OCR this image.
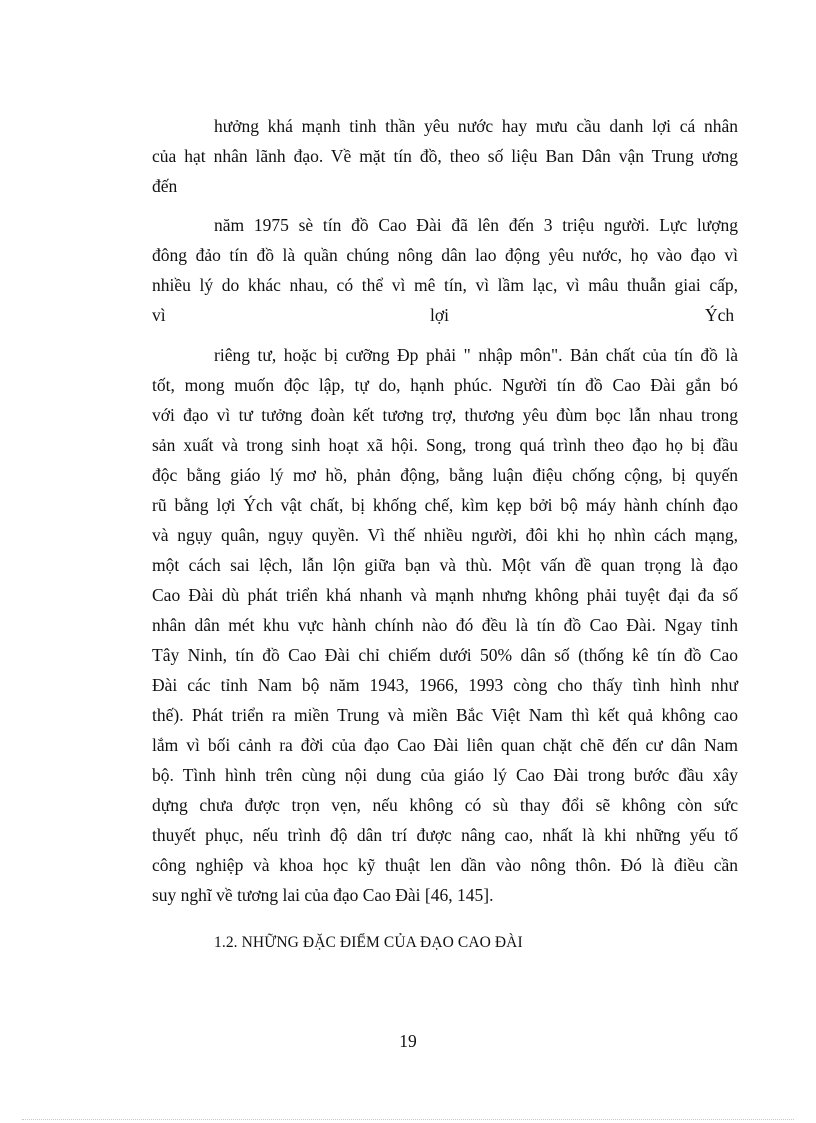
hưởng khá mạnh tinh thần yêu nước hay mưu cầu danh lợi cá nhân
của hạt nhân lãnh đạo. Về mặt tín đồ, theo số liệu Ban Dân vận Trung ương
đến
năm 1975 sè tín đồ Cao Đài đã lên đến 3 triệu người. Lực lượng
đông đảo tín đồ là quần chúng nông dân lao động yêu nước, họ vào đạo vì
nhiều lý do khác nhau, có thể vì mê tín, vì lầm lạc, vì mâu thuẫn giai cấp,
vì	lợi	Ých
riêng tư, hoặc bị cưỡng Ðp phải " nhập môn". Bản chất của tín đồ là
tốt, mong muốn độc lập, tự do, hạnh phúc. Người tín đồ Cao Đài gắn bó
với đạo vì tư tưởng đoàn kết tương trợ, thương yêu đùm bọc lẫn nhau trong
sản xuất và trong sinh hoạt xã hội. Song, trong quá trình theo đạo họ bị đầu
độc bằng giáo lý mơ hồ, phản động, bằng luận điệu chống cộng, bị quyến
rũ bằng lợi Ých vật chất, bị khống chế, kìm kẹp bởi bộ máy hành chính đạo
và ngụy quân, ngụy quyền. Vì thế nhiều người, đôi khi họ nhìn cách mạng,
một cách sai lệch, lẫn lộn giữa bạn và thù. Một vấn đề quan trọng là đạo
Cao Đài dù phát triển khá nhanh và mạnh nhưng không phải tuyệt đại đa số
nhân dân mét khu vực hành chính nào đó đều là tín đồ Cao Đài. Ngay tỉnh
Tây Ninh, tín đồ Cao Đài chỉ chiếm dưới 50% dân số (thống kê tín đồ Cao
Đài các tỉnh Nam bộ năm 1943, 1966, 1993 còng cho thấy tình hình như
thế). Phát triển ra miền Trung và miền Bắc Việt Nam thì kết quả không cao
lắm vì bối cảnh ra đời của đạo Cao Đài liên quan chặt chẽ đến cư dân Nam
bộ. Tình hình trên cùng nội dung của giáo lý Cao Đài trong bước đầu xây
dựng chưa được trọn vẹn, nếu không có sù thay đổi sẽ không còn sức
thuyết phục, nếu trình độ dân trí được nâng cao, nhất là khi những yếu tố
công nghiệp và khoa học kỹ thuật len dần vào nông thôn. Đó là điều cần
suy nghĩ về tương lai của đạo Cao Đài [46, 145].
1.2. NHỮNG ĐẶC ĐIỂM CỦA ĐẠO CAO ĐÀI
19
